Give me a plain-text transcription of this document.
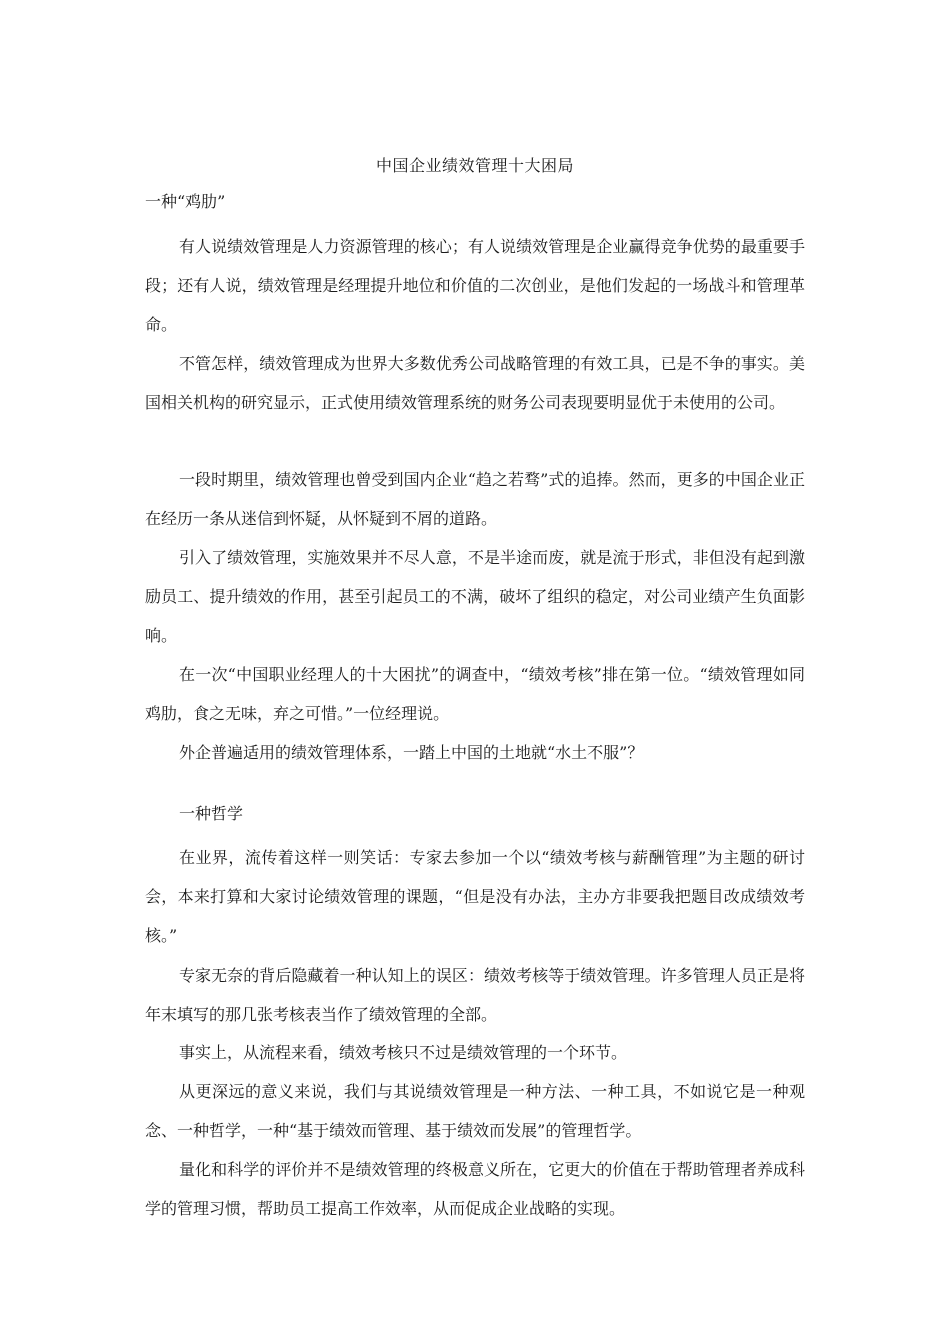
中国企业绩效管理十大困局
一种“鸡肋”

有人说绩效管理是人力资源管理的核心；有人说绩效管理是企业赢得竞争优势的最重要手段；还有人说，绩效管理是经理提升地位和价值的二次创业，是他们发起的一场战斗和管理革命。

不管怎样，绩效管理成为世界大多数优秀公司战略管理的有效工具，已是不争的事实。美国相关机构的研究显示，正式使用绩效管理系统的财务公司表现要明显优于未使用的公司。

一段时期里，绩效管理也曾受到国内企业“趋之若骛”式的追捧。然而，更多的中国企业正在经历一条从迷信到怀疑，从怀疑到不屑的道路。

引入了绩效管理，实施效果并不尽人意，不是半途而废，就是流于形式，非但没有起到激励员工、提升绩效的作用，甚至引起员工的不满，破坏了组织的稳定，对公司业绩产生负面影响。

在一次“中国职业经理人的十大困扰”的调查中，“绩效考核”排在第一位。“绩效管理如同鸡肋，食之无味，弃之可惜。”一位经理说。

外企普遍适用的绩效管理体系，一踏上中国的土地就“水土不服”？

一种哲学

在业界，流传着这样一则笑话：专家去参加一个以“绩效考核与薪酬管理”为主题的研讨会，本来打算和大家讨论绩效管理的课题，“但是没有办法，主办方非要我把题目改成绩效考核。”

专家无奈的背后隐藏着一种认知上的误区：绩效考核等于绩效管理。许多管理人员正是将年末填写的那几张考核表当作了绩效管理的全部。

事实上，从流程来看，绩效考核只不过是绩效管理的一个环节。

从更深远的意义来说，我们与其说绩效管理是一种方法、一种工具，不如说它是一种观念、一种哲学，一种“基于绩效而管理、基于绩效而发展”的管理哲学。

量化和科学的评价并不是绩效管理的终极意义所在，它更大的价值在于帮助管理者养成科学的管理习惯，帮助员工提高工作效率，从而促成企业战略的实现。
